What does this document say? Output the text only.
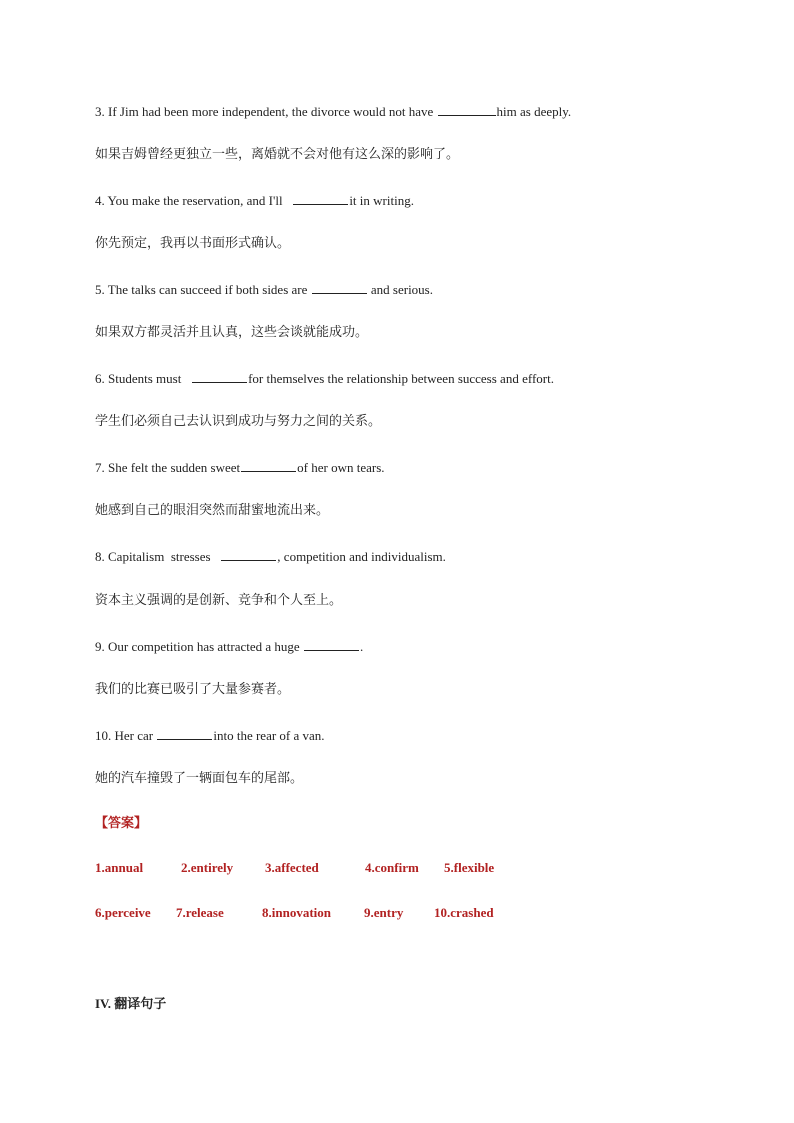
3. If Jim had been more independent, the divorce would not have	him as deeply.
如果吉姆曾经更独立一些，离婚就不会对他有这么深的影响了。
4. You make the reservation, and I'll	it in writing.
你先预定，我再以书面形式确认。
5. The talks can succeed if both sides are	and serious.
如果双方都灵活并且认真，这些会谈就能成功。
6. Students must	for themselves the relationship between success and effort.
学生们必须自己去认识到成功与努力之间的关系。
7. She felt the sudden sweet	of her own tears.
她感到自己的眼泪突然而甜蜜地流出来。
8. Capitalism  stresses	, competition and individualism.
资本主义强调的是创新、竞争和个人至上。
9. Our competition has attracted a huge	.
我们的比赛已吸引了大量参赛者。
10. Her car	into the rear of a van.
她的汽车撞毁了一辆面包车的尾部。
【答案】

1.annual

	2.entirely

3.affected

	4.confirm

5.flexible

6.perceive

7.release

	8.innovation

	9.entry

10.crashed

IV. 翻译句子
